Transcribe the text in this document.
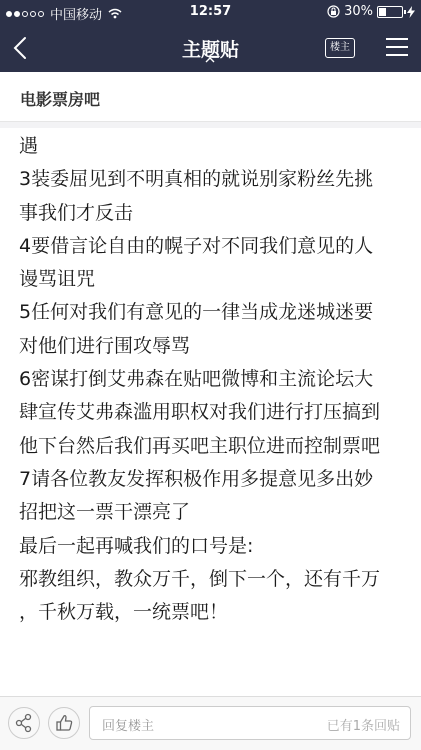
中国移动	12:57	30%
主题贴	楼主
电影票房吧
遇
3装委屈见到不明真相的就说别家粉丝先挑
事我们才反击
4要借言论自由的幌子对不同我们意见的人
谩骂诅咒
5任何对我们有意见的一律当成龙迷城迷要
对他们进行围攻辱骂
6密谋打倒艾弗森在贴吧微博和主流论坛大
肆宣传艾弗森滥用职权对我们进行打压搞到
他下台然后我们再买吧主职位进而控制票吧
7请各位教友发挥积极作用多提意见多出妙
招把这一票干漂亮了
最后一起再喊我们的口号是:
邪教组织，教众万千，倒下一个，还有千万
，千秋万载，一统票吧！
回复楼主	已有1条回贴
